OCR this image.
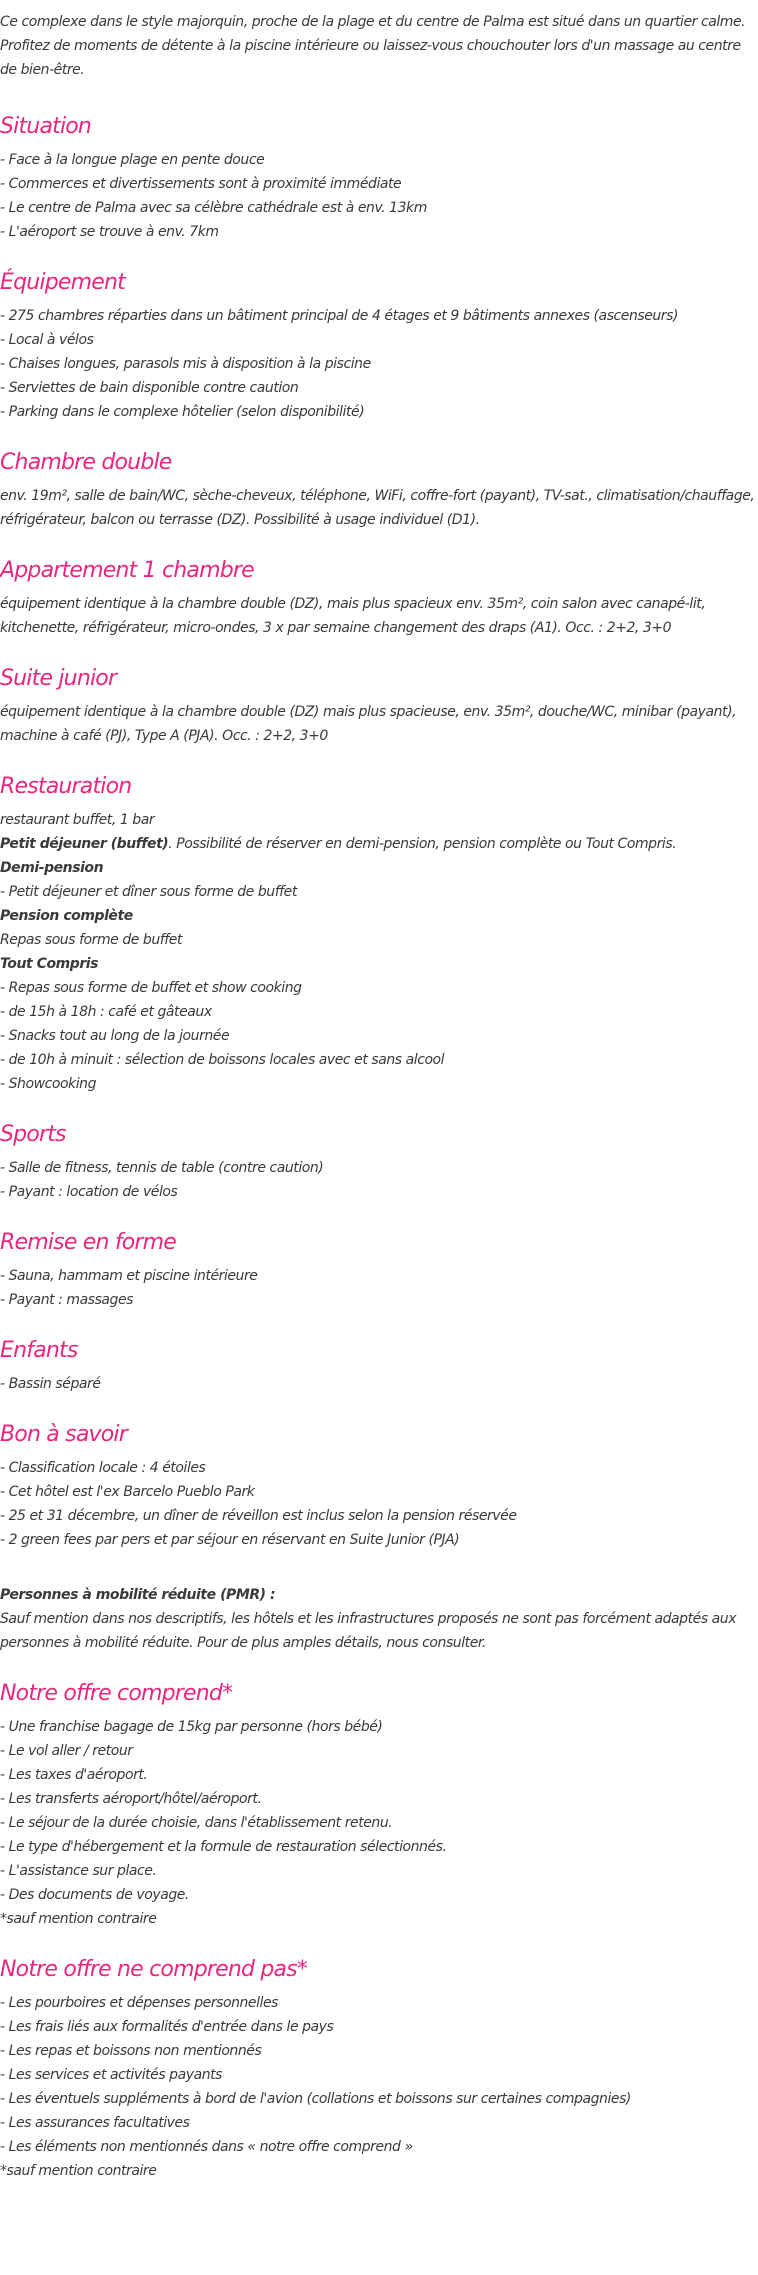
Ce complexe dans le style majorquin, proche de la plage et du centre de Palma est situé dans un quartier calme. Profitez de moments de détente à la piscine intérieure ou laissez-vous chouchouter lors d'un massage au centre de bien-être.

Situation
- Face à la longue plage en pente douce
- Commerces et divertissements sont à proximité immédiate
- Le centre de Palma avec sa célèbre cathédrale est à env. 13km
- L'aéroport se trouve à env. 7km
Équipement
- 275 chambres réparties dans un bâtiment principal de 4 étages et 9 bâtiments annexes (ascenseurs)
- Local à vélos
- Chaises longues, parasols mis à disposition à la piscine
- Serviettes de bain disponible contre caution
- Parking dans le complexe hôtelier (selon disponibilité)
Chambre double
env. 19m², salle de bain/WC, sèche-cheveux, téléphone, WiFi, coffre-fort (payant), TV-sat., climatisation/chauffage, réfrigérateur, balcon ou terrasse (DZ). Possibilité à usage individuel (D1).
Appartement 1 chambre
équipement identique à la chambre double (DZ), mais plus spacieux env. 35m², coin salon avec canapé-lit, kitchenette, réfrigérateur, micro-ondes, 3 x par semaine changement des draps (A1). Occ. : 2+2, 3+0
Suite junior
équipement identique à la chambre double (DZ) mais plus spacieuse, env. 35m², douche/WC, minibar (payant), machine à café (PJ), Type A (PJA). Occ. : 2+2, 3+0
Restauration
restaurant buffet, 1 bar
Petit déjeuner (buffet). Possibilité de réserver en demi-pension, pension complète ou Tout Compris.
Demi-pension
- Petit déjeuner et dîner sous forme de buffet
Pension complète
Repas sous forme de buffet
Tout Compris
- Repas sous forme de buffet et show cooking
- de 15h à 18h : café et gâteaux
- Snacks tout au long de la journée
- de 10h à minuit : sélection de boissons locales avec et sans alcool
- Showcooking
Sports
- Salle de fitness, tennis de table (contre caution)
- Payant : location de vélos
Remise en forme
- Sauna, hammam et piscine intérieure
- Payant : massages
Enfants
- Bassin séparé
Bon à savoir
- Classification locale : 4 étoiles
- Cet hôtel est l'ex Barcelo Pueblo Park
- 25 et 31 décembre, un dîner de réveillon est inclus selon la pension réservée
- 2 green fees par pers et par séjour en réservant en Suite Junior (PJA)
Personnes à mobilité réduite (PMR) :
Sauf mention dans nos descriptifs, les hôtels et les infrastructures proposés ne sont pas forcément adaptés aux personnes à mobilité réduite. Pour de plus amples détails, nous consulter.
Notre offre comprend*
- Une franchise bagage de 15kg par personne (hors bébé)
- Le vol aller / retour
- Les taxes d'aéroport.
- Les transferts aéroport/hôtel/aéroport.
- Le séjour de la durée choisie, dans l'établissement retenu.
- Le type d'hébergement et la formule de restauration sélectionnés.
- L'assistance sur place.
- Des documents de voyage.
*sauf mention contraire
Notre offre ne comprend pas*
- Les pourboires et dépenses personnelles
- Les frais liés aux formalités d'entrée dans le pays
- Les repas et boissons non mentionnés
- Les services et activités payants
- Les éventuels suppléments à bord de l'avion (collations et boissons sur certaines compagnies)
- Les assurances facultatives
- Les éléments non mentionnés dans « notre offre comprend »
*sauf mention contraire
